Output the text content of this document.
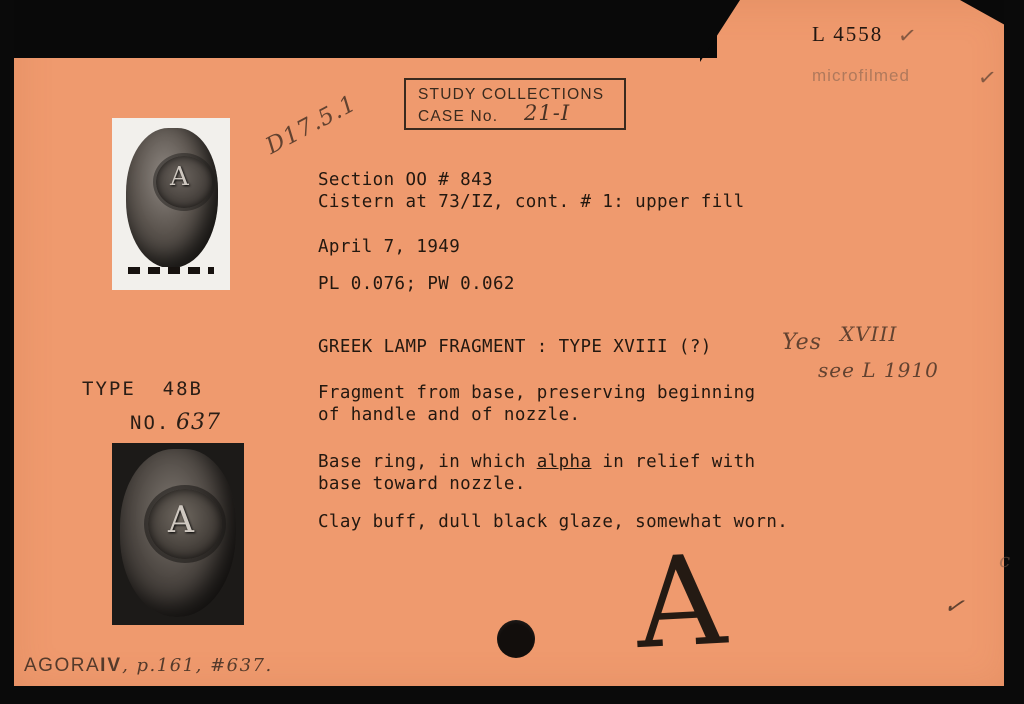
L 4558 ✓
microfilmed	✓
STUDY COLLECTIONS
CASE No. 21-I
D17.5.1
Section OO # 843
Cistern at 73/IZ, cont. # 1: upper fill
April 7, 1949
PL 0.076; PW 0.062
GREEK LAMP FRAGMENT : TYPE XVIII (?)	Yes XVIII
see L 1910
Fragment from base, preserving beginning
of handle and of nozzle.
Base ring, in which alpha in relief with
base toward nozzle.
Clay buff, dull black glaze, somewhat worn.
A
TYPE  48B
NO. 637
A
A	✓
c
AGORAIV, p.161, #637.
